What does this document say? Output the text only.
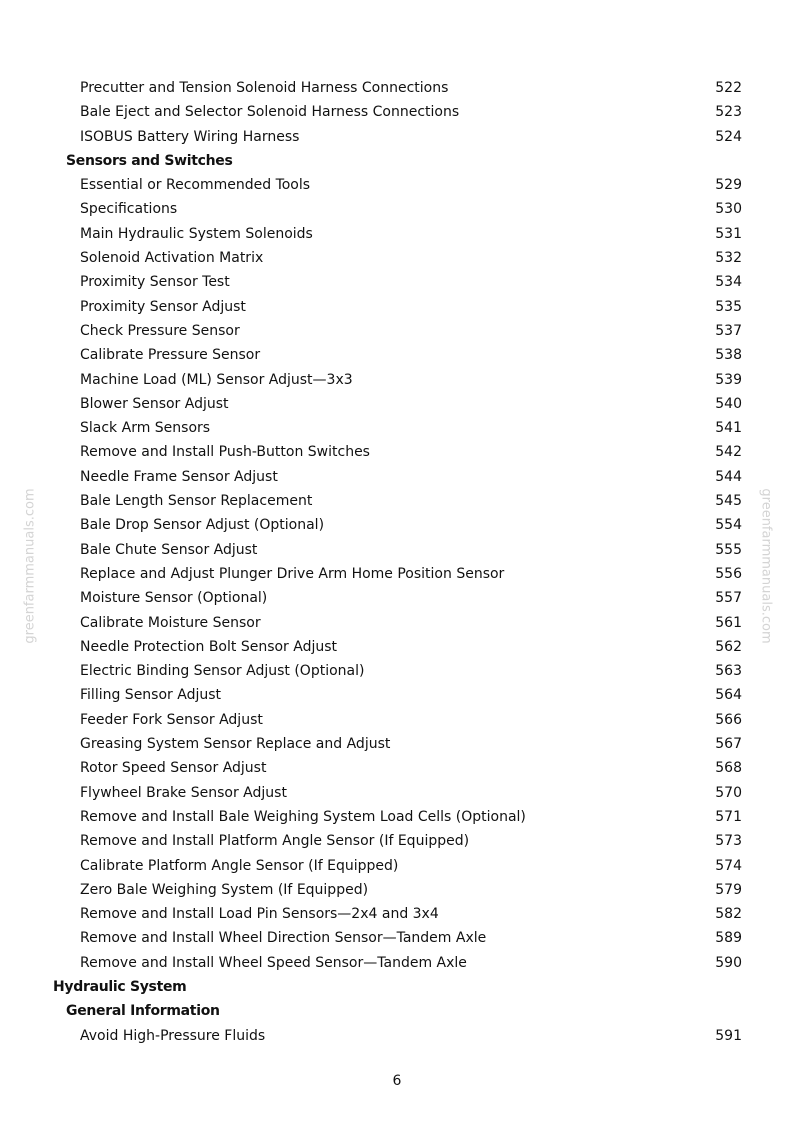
greenfarmmanuals.com	greenfarmmanuals.com
Precutter and Tension Solenoid Harness Connections	522
Bale Eject and Selector Solenoid Harness Connections	523
ISOBUS Battery Wiring Harness	524
Sensors and Switches
Essential or Recommended Tools	529
Specifications	530
Main Hydraulic System Solenoids	531
Solenoid Activation Matrix	532
Proximity Sensor Test	534
Proximity Sensor Adjust	535
Check Pressure Sensor	537
Calibrate Pressure Sensor	538
Machine Load (ML) Sensor Adjust—3x3	539
Blower Sensor Adjust	540
Slack Arm Sensors	541
Remove and Install Push-Button Switches	542
Needle Frame Sensor Adjust	544
Bale Length Sensor Replacement	545
Bale Drop Sensor Adjust (Optional)	554
Bale Chute Sensor Adjust	555
Replace and Adjust Plunger Drive Arm Home Position Sensor	556
Moisture Sensor (Optional)	557
Calibrate Moisture Sensor	561
Needle Protection Bolt Sensor Adjust	562
Electric Binding Sensor Adjust (Optional)	563
Filling Sensor Adjust	564
Feeder Fork Sensor Adjust	566
Greasing System Sensor Replace and Adjust	567
Rotor Speed Sensor Adjust	568
Flywheel Brake Sensor Adjust	570
Remove and Install Bale Weighing System Load Cells (Optional)	571
Remove and Install Platform Angle Sensor (If Equipped)	573
Calibrate Platform Angle Sensor (If Equipped)	574
Zero Bale Weighing System (If Equipped)	579
Remove and Install Load Pin Sensors—2x4 and 3x4	582
Remove and Install Wheel Direction Sensor—Tandem Axle	589
Remove and Install Wheel Speed Sensor—Tandem Axle	590
Hydraulic System
General Information
Avoid High-Pressure Fluids	591
6
